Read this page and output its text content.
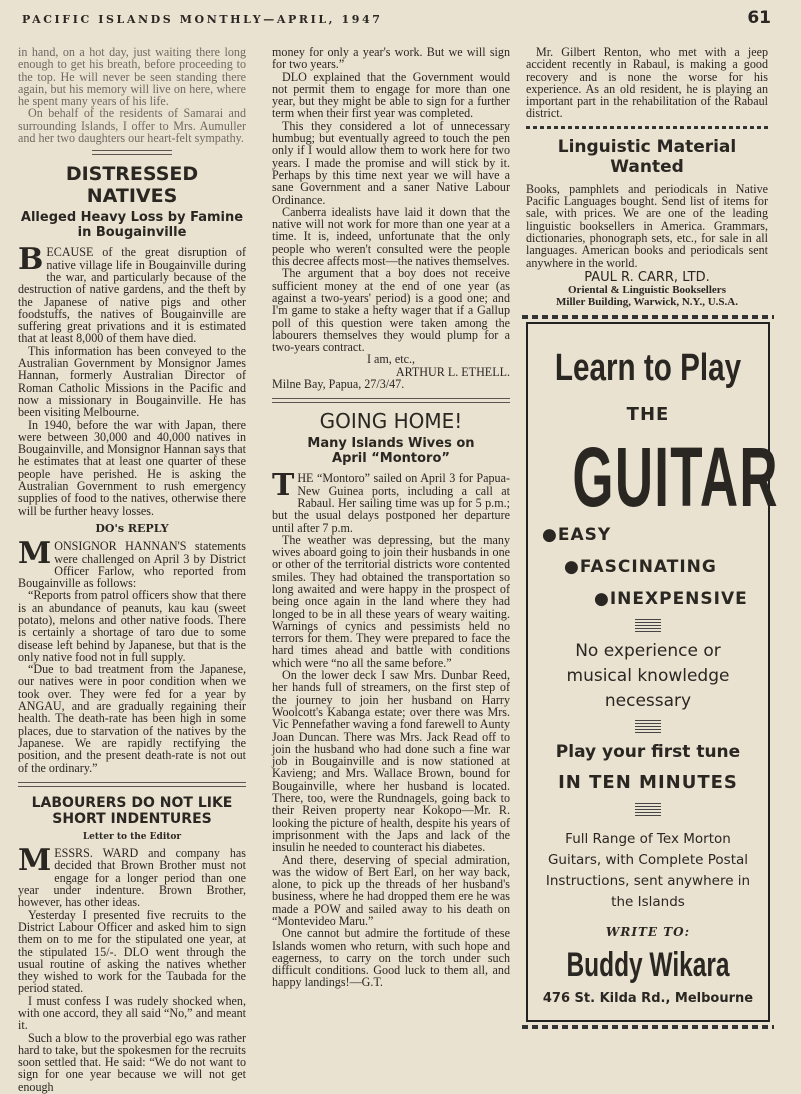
PACIFIC ISLANDS MONTHLY—APRIL, 1947	61

in hand, on a hot day, just waiting there long enough to get his breath, before proceeding to the top. He will never be seen standing there again, but his memory will live on here, where he spent many years of his life.

On behalf of the residents of Samarai and surrounding Islands, I offer to Mrs. Aumuller and her two daughters our heart-felt sympathy.

DISTRESSED NATIVES
Alleged Heavy Loss by Famine in Bougainville

BECAUSE of the great disruption of native village life in Bougainville during the war, and particularly because of the destruction of native gardens, and the theft by the Japanese of native pigs and other foodstuffs, the natives of Bougainville are suffering great privations and it is estimated that at least 8,000 of them have died.

This information has been conveyed to the Australian Government by Monsignor James Hannan, formerly Australian Director of Roman Catholic Missions in the Pacific and now a missionary in Bougainville. He has been visiting Melbourne.

In 1940, before the war with Japan, there were between 30,000 and 40,000 natives in Bougainville, and Monsignor Hannan says that he estimates that at least one quarter of these people have perished. He is asking the Australian Government to rush emergency supplies of food to the natives, otherwise there will be further heavy losses.

DO's REPLY

MONSIGNOR HANNAN'S statements were challenged on April 3 by District Officer Farlow, who reported from Bougainville as follows:

“Reports from patrol officers show that there is an abundance of peanuts, kau kau (sweet potato), melons and other native foods. There is certainly a shortage of taro due to some disease left behind by Japanese, but that is the only native food not in full supply.

“Due to bad treatment from the Japanese, our natives were in poor condition when we took over. They were fed for a year by ANGAU, and are gradually regaining their health. The death-rate has been high in some places, due to starvation of the natives by the Japanese. We are rapidly rectifying the position, and the present death-rate is not out of the ordinary.”

LABOURERS DO NOT LIKE SHORT INDENTURES
Letter to the Editor

MESSRS. WARD and company has decided that Brown Brother must not engage for a longer period than one year under indenture. Brown Brother, however, has other ideas.

Yesterday I presented five recruits to the District Labour Officer and asked him to sign them on to me for the stipulated one year, at the stipulated 15/-. DLO went through the usual routine of asking the natives whether they wished to work for the Taubada for the period stated.

I must confess I was rudely shocked when, with one accord, they all said “No,” and meant it.

Such a blow to the proverbial ego was rather hard to take, but the spokesmen for the recruits soon settled that. He said: “We do not want to sign for one year because we will not get enough

money for only a year's work. But we will sign for two years.”

DLO explained that the Government would not permit them to engage for more than one year, but they might be able to sign for a further term when their first year was completed.

This they considered a lot of unnecessary humbug; but eventually agreed to touch the pen only if I would allow them to work here for two years. I made the promise and will stick by it. Perhaps by this time next year we will have a sane Government and a saner Native Labour Ordinance.

Canberra idealists have laid it down that the native will not work for more than one year at a time. It is, indeed, unfortunate that the only people who weren't consulted were the people this decree affects most—the natives themselves.

The argument that a boy does not receive sufficient money at the end of one year (as against a two-years' period) is a good one; and I'm game to stake a hefty wager that if a Gallup poll of this question were taken among the labourers themselves they would plump for a two-years contract.

I am, etc.,

ARTHUR L. ETHELL.

Milne Bay, Papua, 27/3/47.

GOING HOME!
Many Islands Wives on April “Montoro”

THE “Montoro” sailed on April 3 for Papua-New Guinea ports, including a call at Rabaul. Her sailing time was up for 5 p.m.; but the usual delays postponed her departure until after 7 p.m.

The weather was depressing, but the many wives aboard going to join their husbands in one or other of the territorial districts wore contented smiles. They had obtained the transportation so long awaited and were happy in the prospect of being once again in the land where they had longed to be in all these years of weary waiting. Warnings of cynics and pessimists held no terrors for them. They were prepared to face the hard times ahead and battle with conditions which were “no all the same before.”

On the lower deck I saw Mrs. Dunbar Reed, her hands full of streamers, on the first step of the journey to join her husband on Harry Woolcott's Kabanga estate; over there was Mrs. Vic Pennefather waving a fond farewell to Aunty Joan Duncan. There was Mrs. Jack Read off to join the husband who had done such a fine war job in Bougainville and is now stationed at Kavieng; and Mrs. Wallace Brown, bound for Bougainville, where her husband is located. There, too, were the Rundnagels, going back to their Reiven property near Kokopo—Mr. R. looking the picture of health, despite his years of imprisonment with the Japs and lack of the insulin he needed to counteract his diabetes.

And there, deserving of special admiration, was the widow of Bert Earl, on her way back, alone, to pick up the threads of her husband's business, where he had dropped them ere he was made a POW and sailed away to his death on “Montevideo Maru.”

One cannot but admire the fortitude of these Islands women who return, with such hope and eagerness, to carry on the torch under such difficult conditions. Good luck to them all, and happy landings!—G.T.

Mr. Gilbert Renton, who met with a jeep accident recently in Rabaul, is making a good recovery and is none the worse for his experience. As an old resident, he is playing an important part in the rehabilitation of the Rabaul district.

Linguistic Material
Wanted

Books, pamphlets and periodicals in Native Pacific Languages bought. Send list of items for sale, with prices. We are one of the leading linguistic booksellers in America. Grammars, dictionaries, phonograph sets, etc., for sale in all languages. American books and periodicals sent anywhere in the world.

PAUL R. CARR, LTD.
Oriental & Linguistic Booksellers
Miller Building, Warwick, N.Y., U.S.A.
Learn to Play
THE
GUITAR
●EASY
●FASCINATING
●INEXPENSIVE
No experience or musical knowledge necessary
Play your first tune
IN TEN MINUTES
Full Range of Tex Morton Guitars, with Complete Postal Instructions, sent anywhere in the Islands
WRITE TO:
Buddy Wikara
476 St. Kilda Rd., Melbourne
